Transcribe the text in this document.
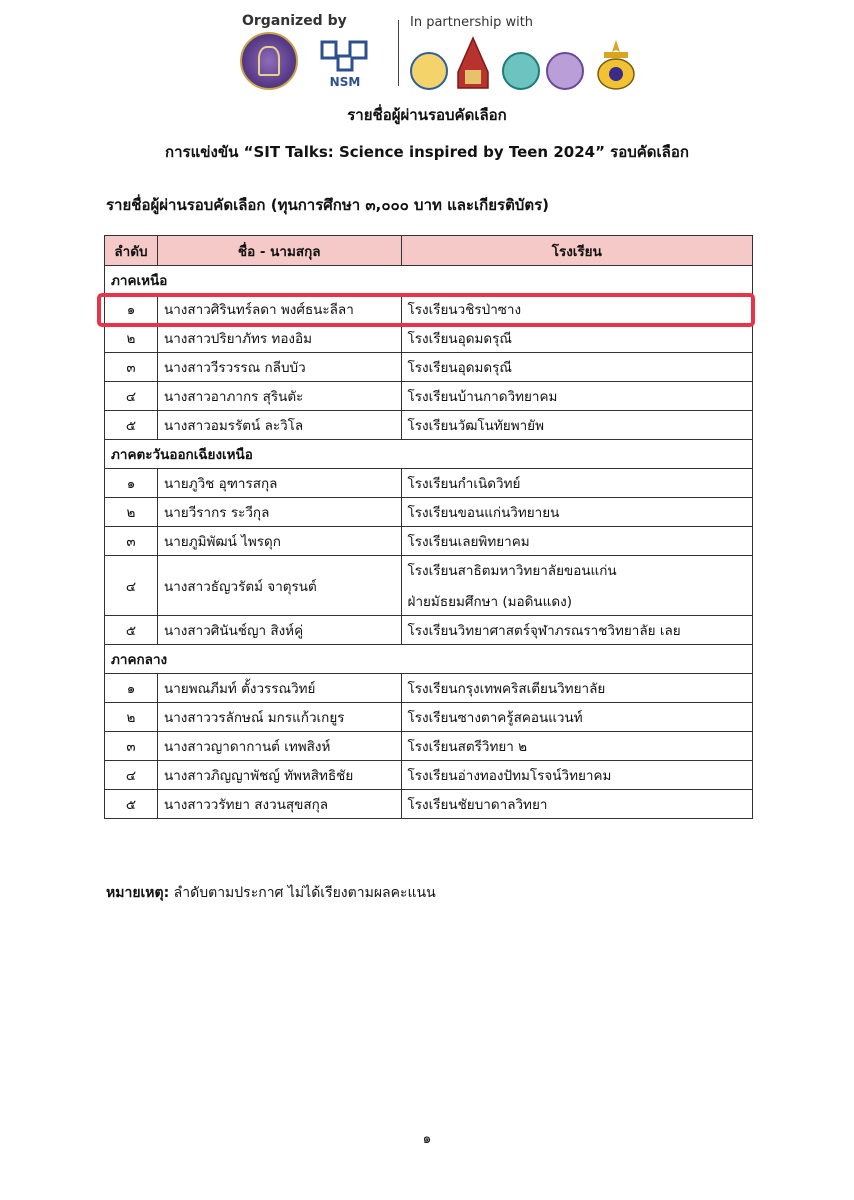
Organized by	In partnership with
NSM
รายชื่อผู้ผ่านรอบคัดเลือก
การแข่งขัน “SIT Talks: Science inspired by Teen 2024” รอบคัดเลือก
รายชื่อผู้ผ่านรอบคัดเลือก (ทุนการศึกษา ๓,๐๐๐ บาท และเกียรติบัตร)
ลำดับ	ชื่อ - นามสกุล	โรงเรียน
ภาคเหนือ		
๑	นางสาวศิรินทร์ลดา พงศ์ธนะลีลา	โรงเรียนวชิรป่าซาง
๒	นางสาวปริยาภัทร ทองอิม	โรงเรียนอุดมดรุณี
๓	นางสาววีรวรรณ กลีบบัว	โรงเรียนอุดมดรุณี
๔	นางสาวอาภากร สุรินตัะ	โรงเรียนบ้านกาดวิทยาคม
๕	นางสาวอมรรัตน์ ละวิโล	โรงเรียนวัฒโนทัยพายัพ
ภาคตะวันออกเฉียงเหนือ		
๑	นายภูวิช อุฑารสกุล	โรงเรียนกำเนิดวิทย์
๒	นายวีรากร ระวีกุล	โรงเรียนขอนแก่นวิทยายน
๓	นายภูมิพัฒน์ ไพรดุก	โรงเรียนเลยพิทยาคม
๔	นางสาวธัญวรัตม์ จาตุรนต์	โรงเรียนสาธิตมหาวิทยาลัยขอนแก่น
ฝ่ายมัธยมศึกษา (มอดินแดง)

๕	นางสาวศินันช์ญา สิงห์คู่	โรงเรียนวิทยาศาสตร์จุฬาภรณราชวิทยาลัย เลย
ภาคกลาง		
๑	นายพณภีมท์ ตั้งวรรณวิทย์	โรงเรียนกรุงเทพคริสเตียนวิทยาลัย
๒	นางสาววรลักษณ์ มกรแก้วเกยูร	โรงเรียนซางตาครู้สคอนแวนท์
๓	นางสาวญาดากานต์ เทพสิงห์	โรงเรียนสตรีวิทยา ๒
๔	นางสาวภิญญาพัชญ์ ทัพหสิทธิชัย	โรงเรียนอ่างทองปัทมโรจน์วิทยาคม
๕	นางสาววรัทยา สงวนสุขสกุล	โรงเรียนชัยบาดาลวิทยา
หมายเหตุ: ลำดับตามประกาศ ไม่ได้เรียงตามผลคะแนน
๑
